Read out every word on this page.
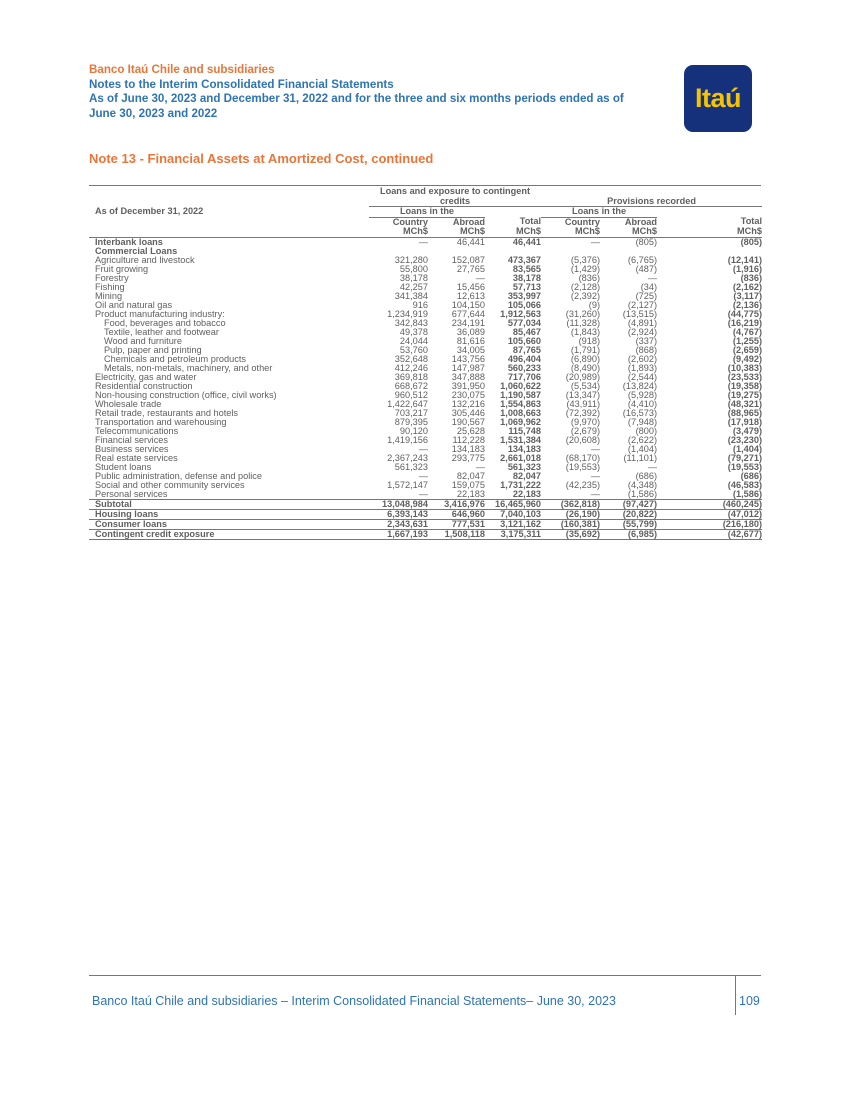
Banco Itaú Chile and subsidiaries
Notes to the Interim Consolidated Financial Statements
As of June 30, 2023 and December 31, 2022 and for the three and six months periods ended as of
June 30, 2023 and 2022	Itaú
Note 13 - Financial Assets at Amortized Cost, continued
	Loans and exposure to contingent					
	credits			Provisions recorded		
As of December 31, 2022	Loans in the			Loans in the		
	Country	Abroad	Total	Country	Abroad	Total
	MCh$	MCh$	MCh$	MCh$	MCh$	MCh$
Interbank loans	—	46,441	46,441	—	(805)	(805)
Commercial Loans						
Agriculture and livestock	321,280	152,087	473,367	(5,376)	(6,765)	(12,141)
Fruit growing	55,800	27,765	83,565	(1,429)	(487)	(1,916)
Forestry	38,178	—	38,178	(836)	—	(836)
Fishing	42,257	15,456	57,713	(2,128)	(34)	(2,162)
Mining	341,384	12,613	353,997	(2,392)	(725)	(3,117)
Oil and natural gas	916	104,150	105,066	(9)	(2,127)	(2,136)
Product manufacturing industry:	1,234,919	677,644	1,912,563	(31,260)	(13,515)	(44,775)
Food, beverages and tobacco	342,843	234,191	577,034	(11,328)	(4,891)	(16,219)
Textile, leather and footwear	49,378	36,089	85,467	(1,843)	(2,924)	(4,767)
Wood and furniture	24,044	81,616	105,660	(918)	(337)	(1,255)
Pulp, paper and printing	53,760	34,005	87,765	(1,791)	(868)	(2,659)
Chemicals and petroleum products	352,648	143,756	496,404	(6,890)	(2,602)	(9,492)
Metals, non-metals, machinery, and other	412,246	147,987	560,233	(8,490)	(1,893)	(10,383)
Electricity, gas and water	369,818	347,888	717,706	(20,989)	(2,544)	(23,533)
Residential construction	668,672	391,950	1,060,622	(5,534)	(13,824)	(19,358)
Non-housing construction (office, civil works)	960,512	230,075	1,190,587	(13,347)	(5,928)	(19,275)
Wholesale trade	1,422,647	132,216	1,554,863	(43,911)	(4,410)	(48,321)
Retail trade, restaurants and hotels	703,217	305,446	1,008,663	(72,392)	(16,573)	(88,965)
Transportation and warehousing	879,395	190,567	1,069,962	(9,970)	(7,948)	(17,918)
Telecommunications	90,120	25,628	115,748	(2,679)	(800)	(3,479)
Financial services	1,419,156	112,228	1,531,384	(20,608)	(2,622)	(23,230)
Business services	—	134,183	134,183	—	(1,404)	(1,404)
Real estate services	2,367,243	293,775	2,661,018	(68,170)	(11,101)	(79,271)
Student loans	561,323	—	561,323	(19,553)	—	(19,553)
Public administration, defense and police	—	82,047	82,047	—	(686)	(686)
Social and other community services	1,572,147	159,075	1,731,222	(42,235)	(4,348)	(46,583)
Personal services	—	22,183	22,183	—	(1,586)	(1,586)
Subtotal	13,048,984	3,416,976	16,465,960	(362,818)	(97,427)	(460,245)
Housing loans	6,393,143	646,960	7,040,103	(26,190)	(20,822)	(47,012)
Consumer loans	2,343,631	777,531	3,121,162	(160,381)	(55,799)	(216,180)
Contingent credit exposure	1,667,193	1,508,118	3,175,311	(35,692)	(6,985)	(42,677)
Banco Itaú Chile and subsidiaries – Interim Consolidated Financial Statements– June 30, 2023	109
